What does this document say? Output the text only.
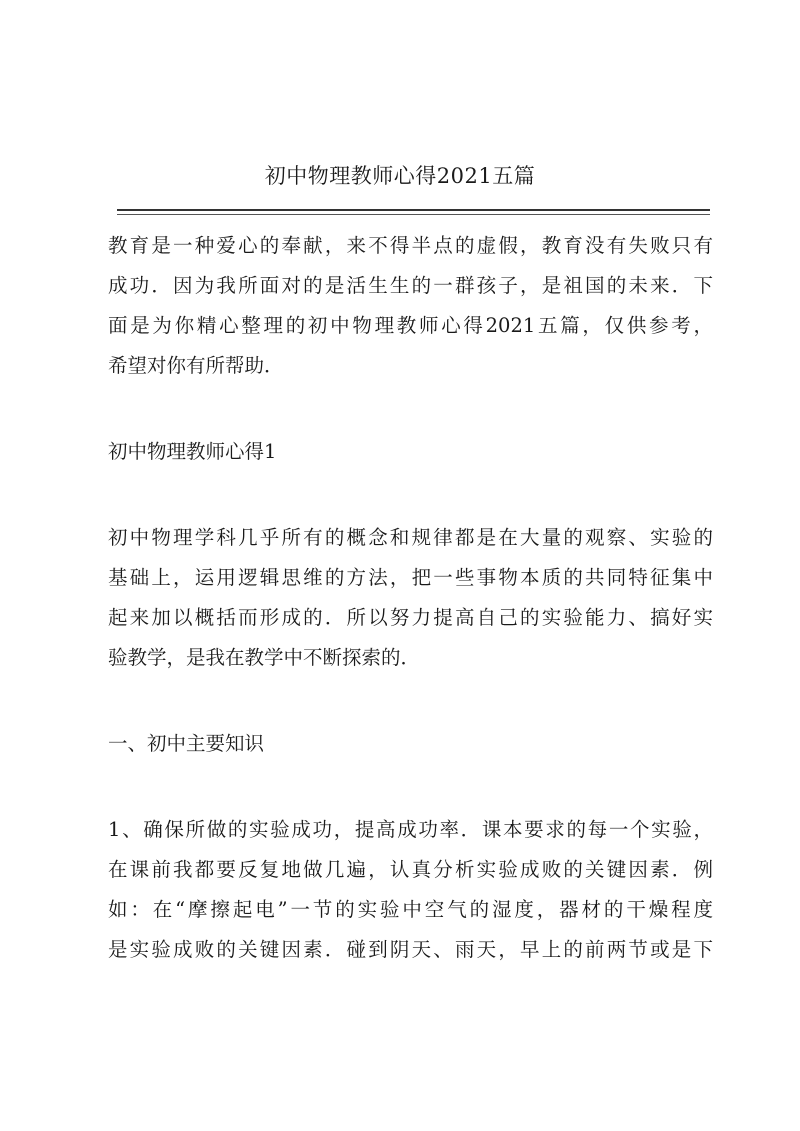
初中物理教师心得2021五篇
教育是一种爱心的奉献，来不得半点的虚假，教育没有失败只有
成功．因为我所面对的是活生生的一群孩子，是祖国的未来．下
面是为你精心整理的初中物理教师心得2021五篇，仅供参考，
希望对你有所帮助．
初中物理教师心得1
初中物理学科几乎所有的概念和规律都是在大量的观察、实验的
基础上，运用逻辑思维的方法，把一些事物本质的共同特征集中
起来加以概括而形成的．所以努力提高自己的实验能力、搞好实
验教学，是我在教学中不断探索的．
一、初中主要知识
1、确保所做的实验成功，提高成功率．课本要求的每一个实验，
在课前我都要反复地做几遍，认真分析实验成败的关键因素．例
如：在“摩擦起电”一节的实验中空气的湿度，器材的干燥程度
是实验成败的关键因素．碰到阴天、雨天，早上的前两节或是下
